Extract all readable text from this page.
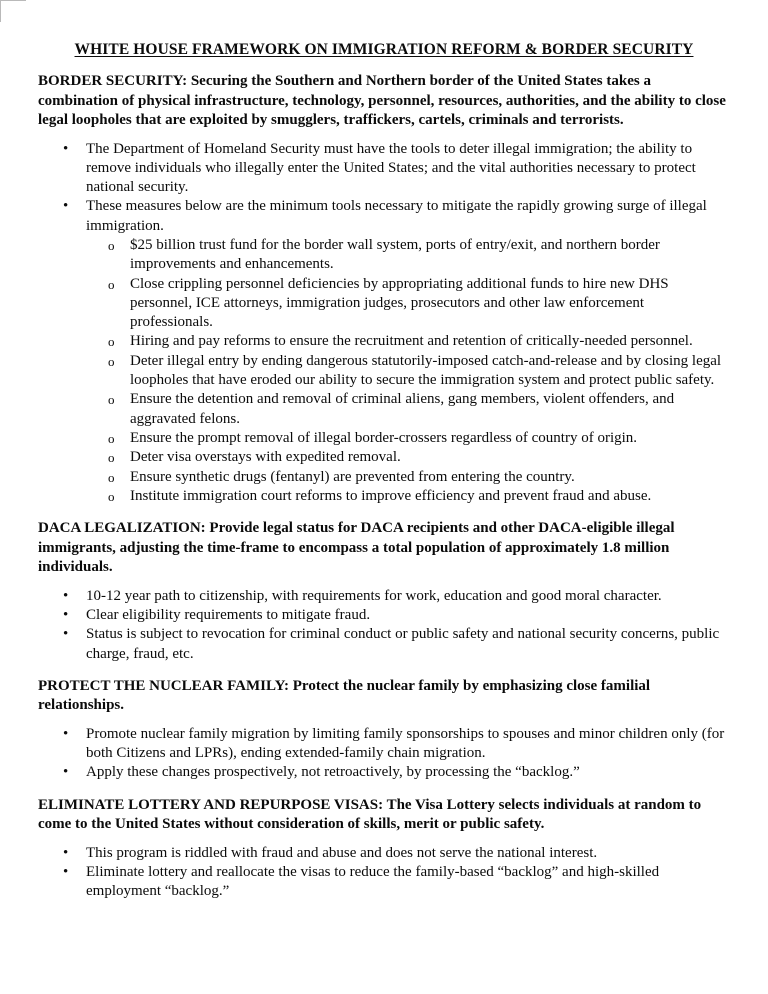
WHITE HOUSE FRAMEWORK ON IMMIGRATION REFORM & BORDER SECURITY

BORDER SECURITY: Securing the Southern and Northern border of the United States takes a combination of physical infrastructure, technology, personnel, resources, authorities, and the ability to close legal loopholes that are exploited by smugglers, traffickers, cartels, criminals and terrorists.

• The Department of Homeland Security must have the tools to deter illegal immigration; the ability to remove individuals who illegally enter the United States; and the vital authorities necessary to protect national security.
• These measures below are the minimum tools necessary to mitigate the rapidly growing surge of illegal immigration.
o $25 billion trust fund for the border wall system, ports of entry/exit, and northern border improvements and enhancements.
o Close crippling personnel deficiencies by appropriating additional funds to hire new DHS personnel, ICE attorneys, immigration judges, prosecutors and other law enforcement professionals.
o Hiring and pay reforms to ensure the recruitment and retention of critically-needed personnel.
o Deter illegal entry by ending dangerous statutorily-imposed catch-and-release and by closing legal loopholes that have eroded our ability to secure the immigration system and protect public safety.
o Ensure the detention and removal of criminal aliens, gang members, violent offenders, and aggravated felons.
o Ensure the prompt removal of illegal border-crossers regardless of country of origin.
o Deter visa overstays with expedited removal.
o Ensure synthetic drugs (fentanyl) are prevented from entering the country.
o Institute immigration court reforms to improve efficiency and prevent fraud and abuse.

DACA LEGALIZATION: Provide legal status for DACA recipients and other DACA-eligible illegal immigrants, adjusting the time-frame to encompass a total population of approximately 1.8 million individuals.

• 10-12 year path to citizenship, with requirements for work, education and good moral character.
• Clear eligibility requirements to mitigate fraud.
• Status is subject to revocation for criminal conduct or public safety and national security concerns, public charge, fraud, etc.

PROTECT THE NUCLEAR FAMILY: Protect the nuclear family by emphasizing close familial relationships.

• Promote nuclear family migration by limiting family sponsorships to spouses and minor children only (for both Citizens and LPRs), ending extended-family chain migration.
• Apply these changes prospectively, not retroactively, by processing the “backlog.”

ELIMINATE LOTTERY AND REPURPOSE VISAS: The Visa Lottery selects individuals at random to come to the United States without consideration of skills, merit or public safety.

• This program is riddled with fraud and abuse and does not serve the national interest.
• Eliminate lottery and reallocate the visas to reduce the family-based “backlog” and high-skilled employment “backlog.”
